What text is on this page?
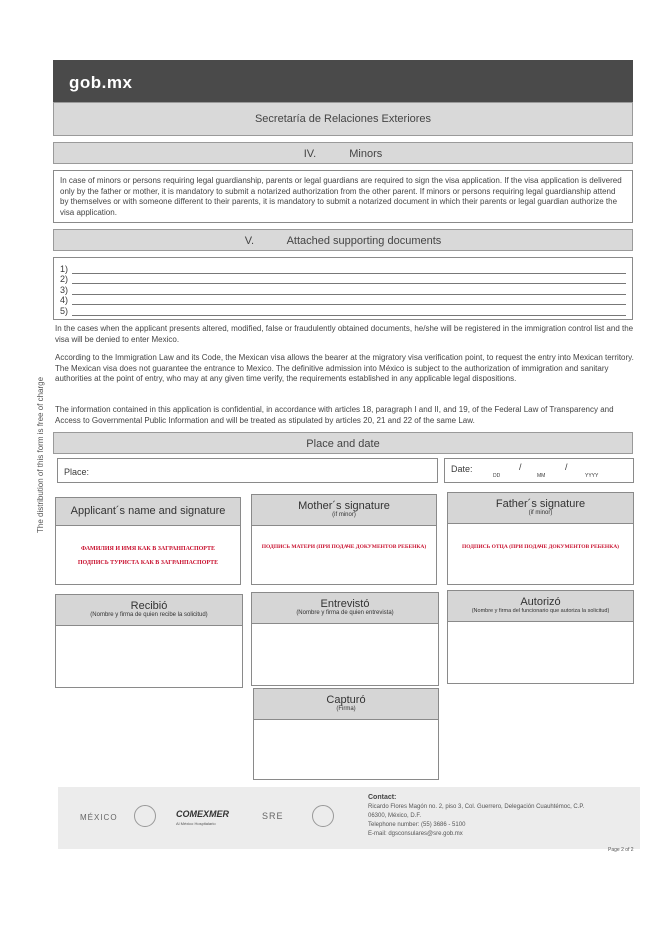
gob.mx
Secretaría de Relaciones Exteriores
IV.	Minors
In case of minors or persons requiring legal guardianship, parents or legal guardians are required to sign the visa application. If the visa application is delivered only by the father or mother, it is mandatory to submit a notarized authorization from the other parent. If minors or persons requiring legal guardianship attend by themselves or with someone different to their parents, it is mandatory to submit a notarized document in which their parents or legal guardian authorize the visa application.
V.	Attached supporting documents
1)
2)
3)
4)
5)
In the cases when the applicant presents altered, modified, false or fraudulently obtained documents, he/she will be registered in the immigration control list and the visa will be denied to enter Mexico.
According to the Immigration Law and its Code, the Mexican visa allows the bearer at the migratory visa verification point, to request the entry into Mexican territory. The Mexican visa does not guarantee the entrance to Mexico. The definitive admission into México is subject to the authorization of immigration and sanitary authorities at the point of entry, who may at any given time verify, the requirements established in any applicable legal dispositions.
The information contained in this application is confidential, in accordance with articles 18, paragraph I and II, and 19, of the Federal Law of Transparency and Access to Governmental Public Information and will be treated as stipulated by articles 20, 21 and 22 of the same Law.
The distribution of this form is free of charge	Place and date
Place:	Date:	/	/
DD	MM	YYYY
Applicant´s name and signature
ФАМИЛИЯ И ИМЯ КАК В ЗАГРАНПАСПОРТЕ
ПОДПИСЬ ТУРИСТА КАК В ЗАГРАНПАСПОРТЕ
Mother´s signature
(if minor)
ПОДПИСЬ МАТЕРИ (ПРИ ПОДАЧЕ ДОКУМЕНТОВ РЕБЕНКА)
Father´s signature
(if minor)
ПОДПИСЬ ОТЦА (ПРИ ПОДАЧЕ ДОКУМЕНТОВ РЕБЕНКА)
Recibió
(Nombre y firma de quien recibe la solicitud)
Entrevistó
(Nombre y firma de quien entrevista)
Autorizó
(Nombre y firma del funcionario que autoriza la solicitud)
Capturó
(Firma)
MÉXICO	COMEXMER
Al México Hospitalario
SRE
Contact:
Ricardo Flores Magón no. 2, piso 3, Col. Guerrero, Delegación Cuauhtémoc, C.P.
06300, México, D.F.
Telephone number: (55) 3686 - 5100
E-mail: dgsconsulares@sre.gob.mx
Page 2 of 2
